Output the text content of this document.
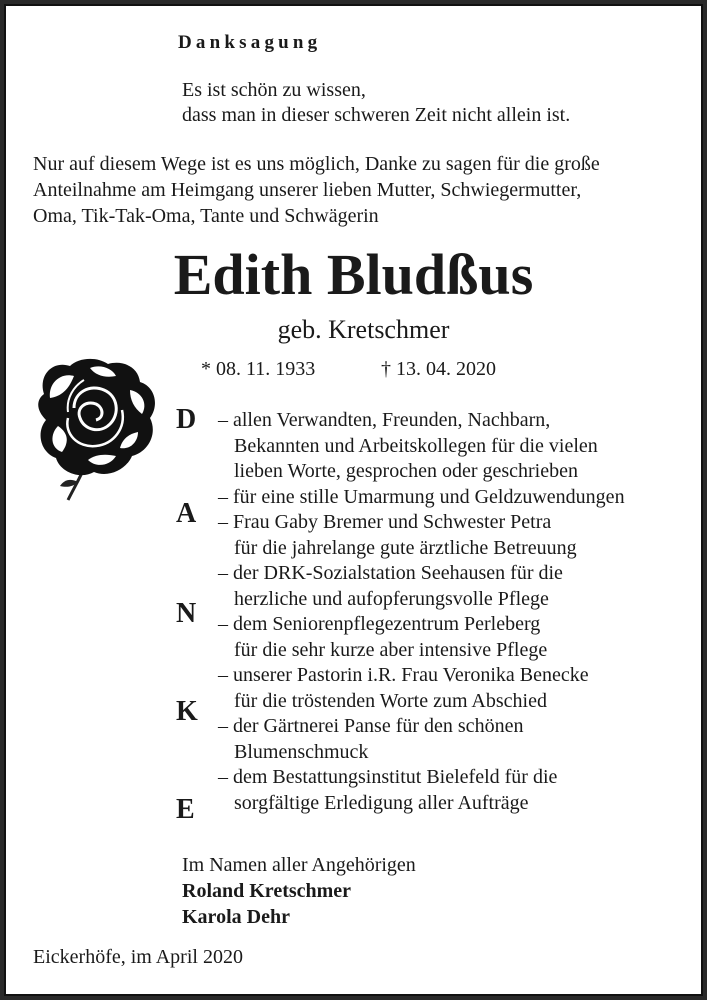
Danksagung
Es ist schön zu wissen,
dass man in dieser schweren Zeit nicht allein ist.
Nur auf diesem Wege ist es uns möglich, Danke zu sagen für die große
Anteilnahme am Heimgang unserer lieben Mutter, Schwiegermutter,
Oma, Tik-Tak-Oma, Tante und Schwägerin
Edith Bludßus
geb. Kretschmer
* 08. 11. 1933	† 13. 04. 2020
D
A
N
K
E
– allen Verwandten, Freunden, Nachbarn,
Bekannten und Arbeitskollegen für die vielen
lieben Worte, gesprochen oder geschrieben
– für eine stille Umarmung und Geldzuwendungen
– Frau Gaby Bremer und Schwester Petra
für die jahrelange gute ärztliche Betreuung
– der DRK-Sozialstation Seehausen für die
herzliche und aufopferungsvolle Pflege
– dem Seniorenpflegezentrum Perleberg
für die sehr kurze aber intensive Pflege
– unserer Pastorin i.R. Frau Veronika Benecke
für die tröstenden Worte zum Abschied
– der Gärtnerei Panse für den schönen
Blumenschmuck
– dem Bestattungsinstitut Bielefeld für die
sorgfältige Erledigung aller Aufträge
Im Namen aller Angehörigen
Roland Kretschmer
Karola Dehr
Eickerhöfe, im April 2020
